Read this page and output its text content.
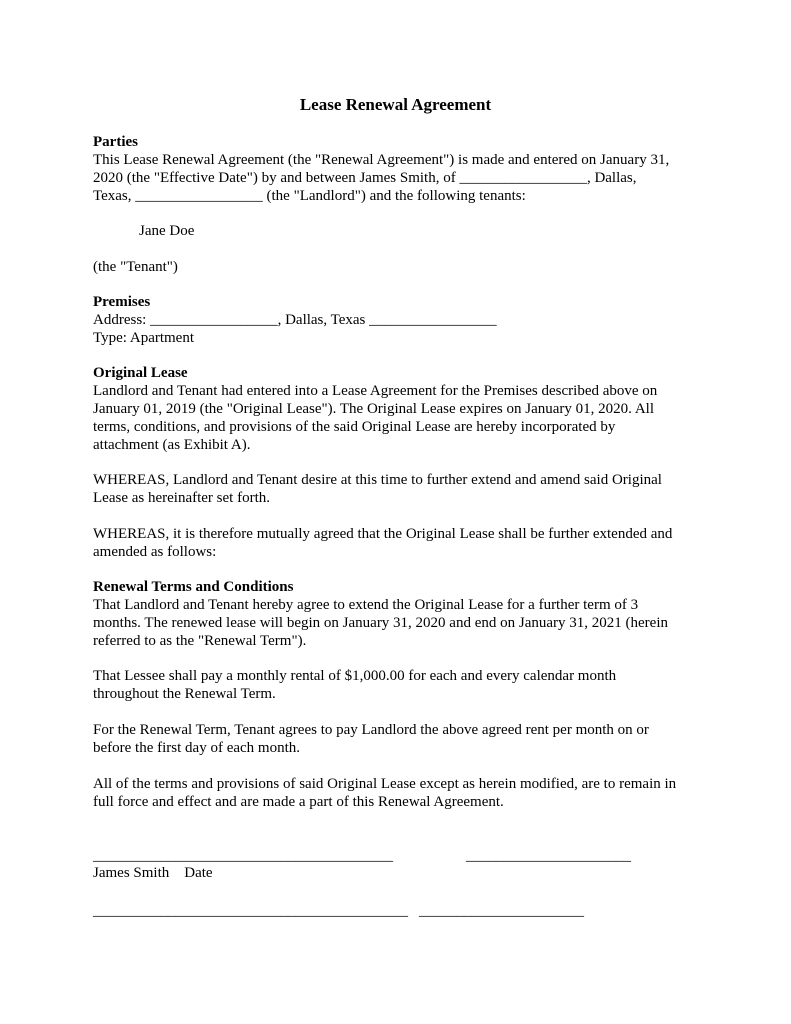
Lease Renewal Agreement
Parties
This Lease Renewal Agreement (the "Renewal Agreement") is made and entered on January 31,
2020 (the "Effective Date") by and between James Smith, of _________________, Dallas,
Texas, _________________ (the "Landlord") and the following tenants:
Jane Doe
(the "Tenant")
Premises
Address: _________________, Dallas, Texas _________________
Type: Apartment
Original Lease
Landlord and Tenant had entered into a Lease Agreement for the Premises described above on
January 01, 2019 (the "Original Lease"). The Original Lease expires on January 01, 2020. All
terms, conditions, and provisions of the said Original Lease are hereby incorporated by
attachment (as Exhibit A).
WHEREAS, Landlord and Tenant desire at this time to further extend and amend said Original
Lease as hereinafter set forth.
WHEREAS, it is therefore mutually agreed that the Original Lease shall be further extended and
amended as follows:
Renewal Terms and Conditions
That Landlord and Tenant hereby agree to extend the Original Lease for a further term of 3
months. The renewed lease will begin on January 31, 2020 and end on January 31, 2021 (herein
referred to as the "Renewal Term").
That Lessee shall pay a monthly rental of $1,000.00 for each and every calendar month
throughout the Renewal Term.
For the Renewal Term, Tenant agrees to pay Landlord the above agreed rent per month on or
before the first day of each month.
All of the terms and provisions of said Original Lease except as herein modified, are to remain in
full force and effect and are made a part of this Renewal Agreement.
________________________________________	______________________
James Smith    Date
__________________________________________ ______________________
